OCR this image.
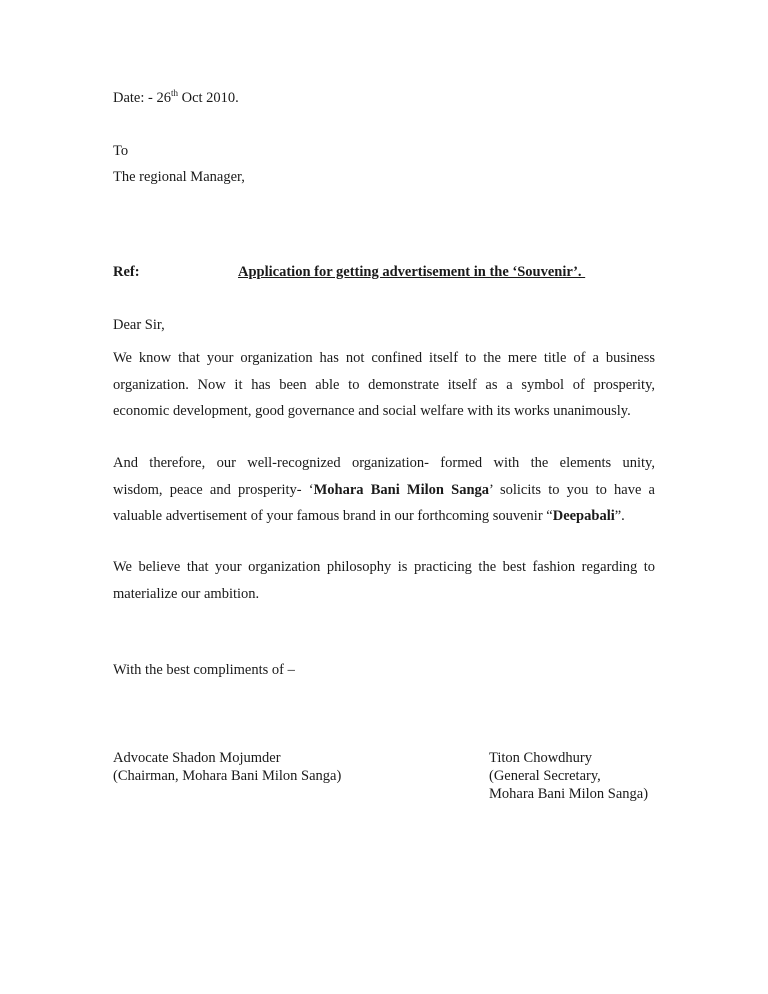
Date: - 26th Oct 2010.
To
The regional Manager,
Ref:	Application for getting advertisement in the ‘Souvenir’.
Dear Sir,
We know that your organization has not confined itself to the mere title of a business
organization. Now it has been able to demonstrate itself as a symbol of prosperity,
economic development, good governance and social welfare with its works unanimously.
And therefore, our well-recognized organization- formed with the elements unity,
wisdom, peace and prosperity- ‘Mohara Bani Milon Sanga’ solicits to you to have a
valuable advertisement of your famous brand in our forthcoming souvenir “Deepabali”.
We believe that your organization philosophy is practicing the best fashion regarding to
materialize our ambition.
With the best compliments of –
Advocate Shadon Mojumder
(Chairman, Mohara Bani Milon Sanga)
Titon Chowdhury
(General Secretary,
Mohara Bani Milon Sanga)
